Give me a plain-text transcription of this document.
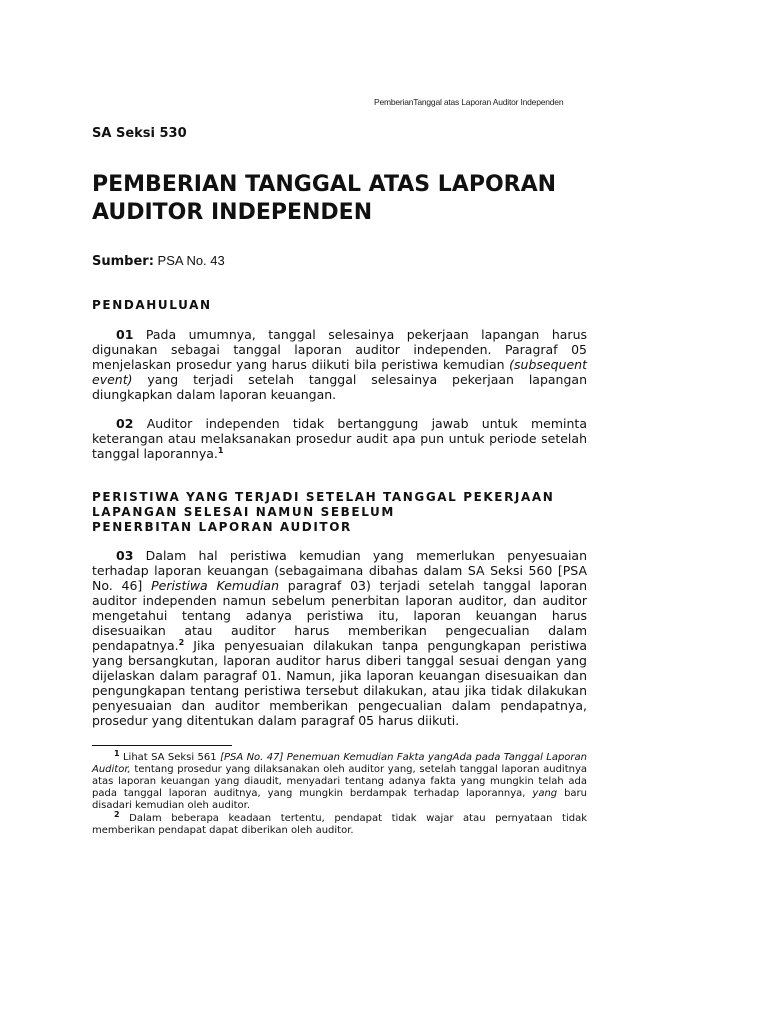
PemberianTanggal atas Laporan Auditor Independen
SA Seksi 530
PEMBERIAN TANGGAL ATAS LAPORAN
AUDITOR INDEPENDEN
Sumber: PSA No. 43
PENDAHULUAN

01 Pada umumnya, tanggal selesainya pekerjaan lapangan harus digunakan sebagai tanggal laporan auditor independen. Paragraf 05 menjelaskan prosedur yang harus diikuti bila peristiwa kemudian (subsequent event) yang terjadi setelah tanggal selesainya pekerjaan lapangan diungkapkan dalam laporan keuangan.

02 Auditor independen tidak bertanggung jawab untuk meminta keterangan atau melaksanakan prosedur audit apa pun untuk periode setelah tanggal laporannya.$^1$

PERISTIWA YANG TERJADI SETELAH TANGGAL PEKERJAAN
LAPANGAN SELESAI NAMUN SEBELUM
PENERBITAN LAPORAN AUDITOR

03 Dalam hal peristiwa kemudian yang memerlukan penyesuaian terhadap laporan keuangan (sebagaimana dibahas dalam SA Seksi 560 [PSA No. 46] Peristiwa Kemudian paragraf 03) terjadi setelah tanggal laporan auditor independen namun sebelum penerbitan laporan auditor, dan auditor mengetahui tentang adanya peristiwa itu, laporan keuangan harus disesuaikan atau auditor harus memberikan pengecualian dalam pendapatnya.$^2$ Jika penyesuaian dilakukan tanpa pengungkapan peristiwa yang bersangkutan, laporan auditor harus diberi tanggal sesuai dengan yang dijelaskan dalam paragraf 01. Namun, jika laporan keuangan disesuaikan dan pengungkapan tentang peristiwa tersebut dilakukan, atau jika tidak dilakukan penyesuaian dan auditor memberikan pengecualian dalam pendapatnya, prosedur yang ditentukan dalam paragraf 05 harus diikuti.

$^1$ Lihat SA Seksi 561 [PSA No. 47] Penemuan Kemudian Fakta yangAda pada Tanggal Laporan Auditor, tentang prosedur yang dilaksanakan oleh auditor yang, setelah tanggal laporan auditnya atas laporan keuangan yang diaudit, menyadari tentang adanya fakta yang mungkin telah ada pada tanggal laporan auditnya, yang mungkin berdampak terhadap laporannya, yang baru disadari kemudian oleh auditor.

$^2$ Dalam beberapa keadaan tertentu, pendapat tidak wajar atau pernyataan tidak memberikan pendapat dapat diberikan oleh auditor.
